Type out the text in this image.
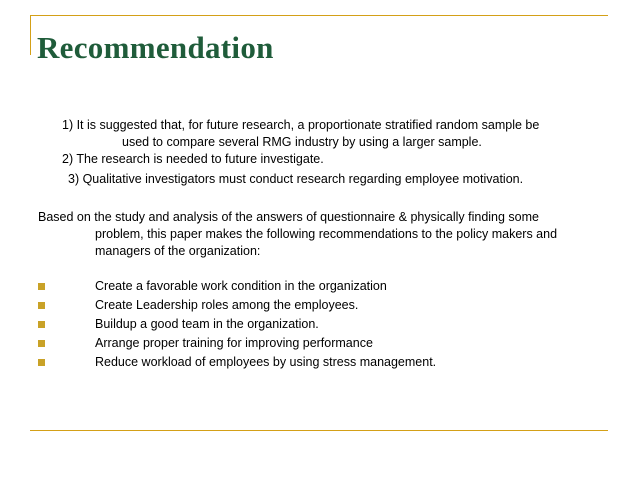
Recommendation
1) It is suggested that, for future research, a proportionate stratified random sample be
used to compare several RMG industry by using a larger sample.
2) The research is needed to future investigate.
3) Qualitative investigators must conduct research regarding employee motivation.
Based on the study and analysis of the answers of questionnaire & physically finding some
problem, this paper makes the following recommendations to the policy makers and
managers of the organization:
Create a favorable work condition in the organization
Create Leadership roles among the employees.
Buildup a good team in the organization.
Arrange proper training for improving performance
Reduce workload of employees by using stress management.
